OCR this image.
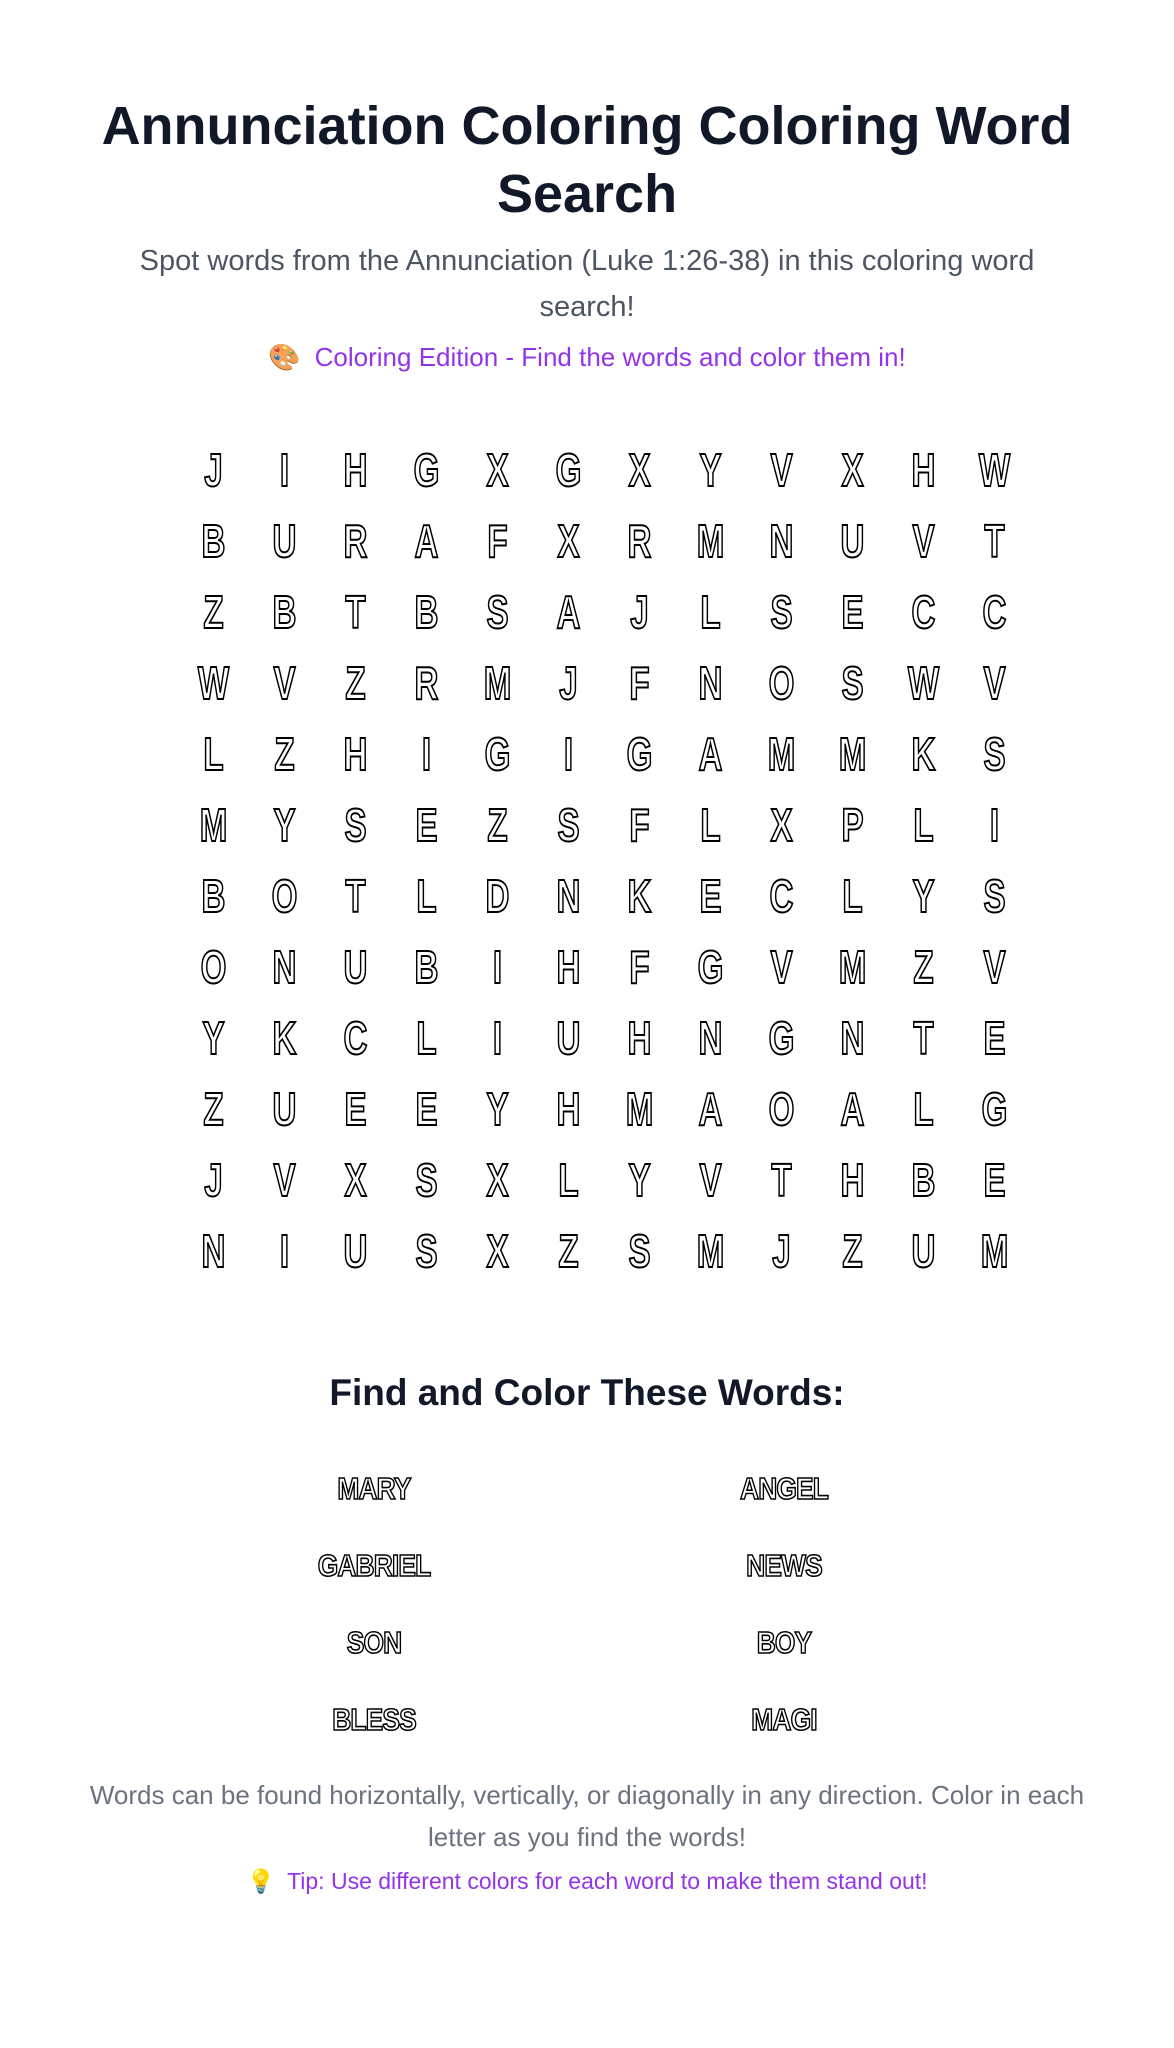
Annunciation Coloring Coloring Word Search
Spot words from the Annunciation (Luke 1:26-38) in this coloring word search!
🎨 Coloring Edition - Find the words and color them in!
J	I	H G	X	G	X	Y	V	X	H W
B U R A	F	X	R M N U	V	T
Z	B	T	B	S	A	J	L	S	E	C C
W V	Z	R M	J	F	N O	S W V
L	Z	H	I	G	I	G A M M K	S
M	Y	S	E	Z	S	F	L	X	P	L	I
B O	T	L	D N K	E	C	L	Y	S
O N U B	I	H	F	G	V	M	Z	V
Y	K C	L	I	U H N G N	T	E
Z	U	E	E	Y	H M A O A	L	G
J	V	X	S	X	L	Y	V	T	H B	E
N	I	U	S	X	Z	S	M	J	Z	U M
Find and Color These Words:
MARY	ANGEL
GABRIEL	NEWS
SON	BOY
BLESS	MAGI
Words can be found horizontally, vertically, or diagonally in any direction. Color in each letter as you find the words!
💡 Tip: Use different colors for each word to make them stand out!
